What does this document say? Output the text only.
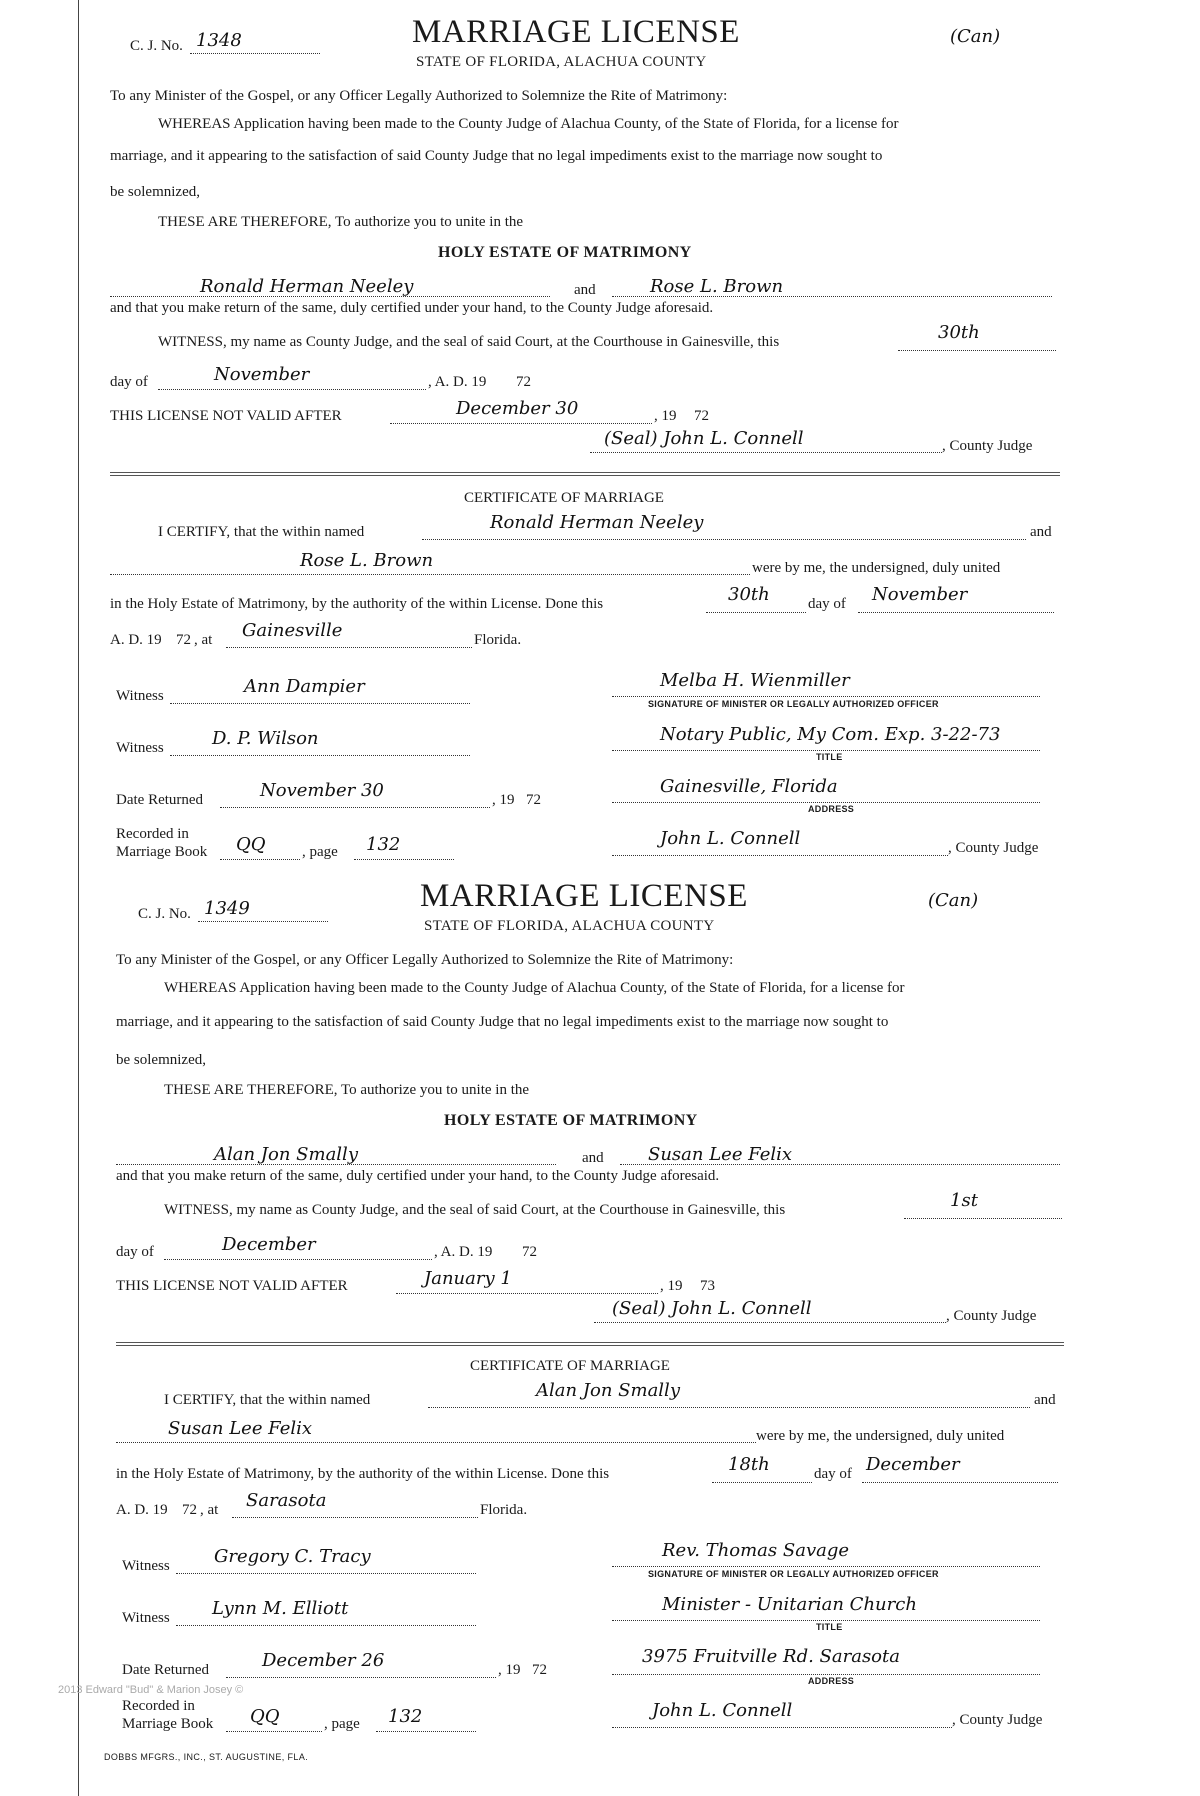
C. J. No. 1348	MARRIAGE LICENSE	(Can)
STATE OF FLORIDA, ALACHUA COUNTY
To any Minister of the Gospel, or any Officer Legally Authorized to Solemnize the Rite of Matrimony:
WHEREAS Application having been made to the County Judge of Alachua County, of the State of Florida, for a license for
marriage, and it appearing to the satisfaction of said County Judge that no legal impediments exist to the marriage now sought to
be solemnized,
THESE ARE THEREFORE, To authorize you to unite in the
HOLY ESTATE OF MATRIMONY
Ronald Herman Neeley	and	Rose L. Brown
and that you make return of the same, duly certified under your hand, to the County Judge aforesaid.
WITNESS, my name as County Judge, and the seal of said Court, at the Courthouse in Gainesville, this	30th
day of	November	, A. D. 19 72
THIS LICENSE NOT VALID AFTER	December 30	, 19 72
(Seal) John L. Connell	, County Judge
CERTIFICATE OF MARRIAGE
I CERTIFY, that the within named	Ronald Herman Neeley	and
Rose L. Brown	were by me, the undersigned, duly united
in the Holy Estate of Matrimony, by the authority of the within License. Done this	30th	day of November
A. D. 19 72 , at Gainesville	Florida.
Witness	Ann Dampier	Melba H. Wienmiller
SIGNATURE OF MINISTER OR LEGALLY AUTHORIZED OFFICER
Witness	D. P. Wilson	Notary Public, My Com. Exp. 3-22-73
TITLE
Date Returned	November 30	, 19 72
Gainesville, Florida
ADDRESS
Recorded in
Marriage Book QQ , page 132	John L. Connell	, County Judge
C. J. No. 1349	MARRIAGE LICENSE	(Can)
STATE OF FLORIDA, ALACHUA COUNTY
To any Minister of the Gospel, or any Officer Legally Authorized to Solemnize the Rite of Matrimony:
WHEREAS Application having been made to the County Judge of Alachua County, of the State of Florida, for a license for
marriage, and it appearing to the satisfaction of said County Judge that no legal impediments exist to the marriage now sought to
be solemnized,
THESE ARE THEREFORE, To authorize you to unite in the
HOLY ESTATE OF MATRIMONY
Alan Jon Smally	and Susan Lee Felix
and that you make return of the same, duly certified under your hand, to the County Judge aforesaid.
WITNESS, my name as County Judge, and the seal of said Court, at the Courthouse in Gainesville, this	1st
day of	December	, A. D. 19 72
THIS LICENSE NOT VALID AFTER	January 1	, 19 73
(Seal) John L. Connell	, County Judge
CERTIFICATE OF MARRIAGE
I CERTIFY, that the within named	Alan Jon Smally	and
Susan Lee Felix	were by me, the undersigned, duly united
in the Holy Estate of Matrimony, by the authority of the within License. Done this	18th	day of December
A. D. 19 72 , at Sarasota	Florida.
Witness Gregory C. Tracy	Rev. Thomas Savage
SIGNATURE OF MINISTER OR LEGALLY AUTHORIZED OFFICER
Witness Lynn M. Elliott	Minister - Unitarian Church
TITLE
Date Returned	December 26	, 19 72
3975 Fruitville Rd. Sarasota
ADDRESS
Recorded in
Marriage Book QQ	, page 132	John L. Connell	, County Judge
2013 Edward "Bud" & Marion Josey ©
DOBBS MFGRS., INC., ST. AUGUSTINE, FLA.
